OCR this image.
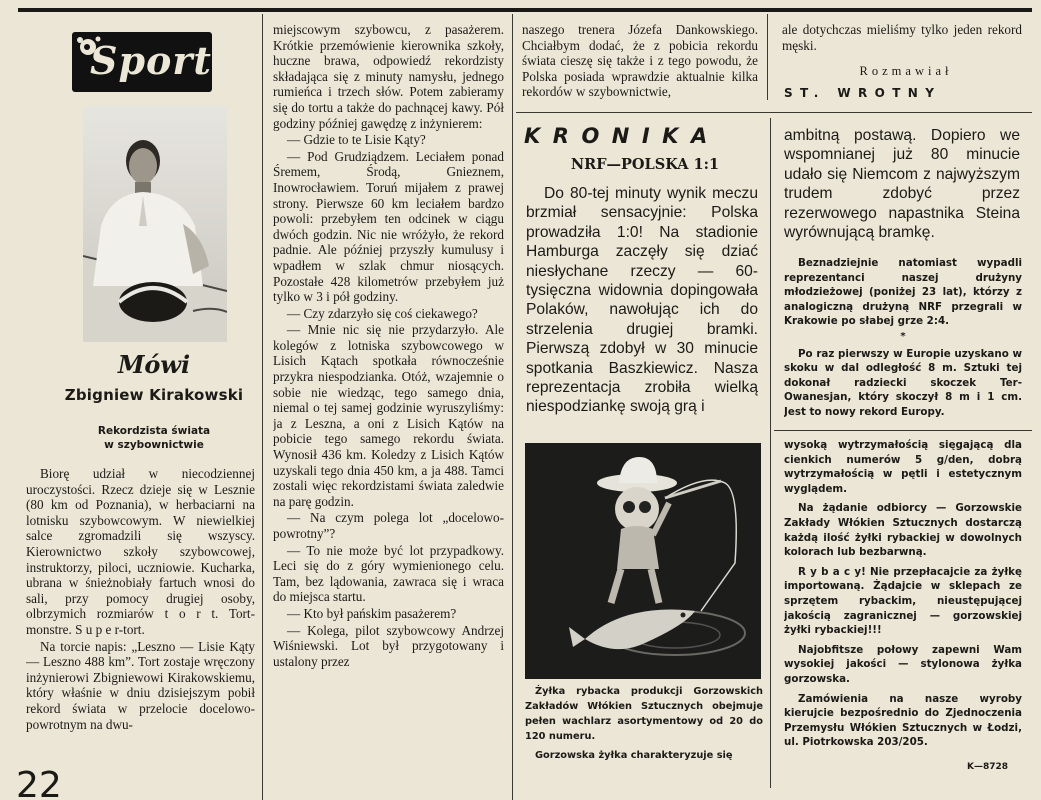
Sport
Mówi
Zbigniew Kirakowski
Rekordzista świata
w szybownictwie

Biorę udział w niecodziennej uroczystości. Rzecz dzieje się w Lesznie (80 km od Poznania), w herbaciarni na lotnisku szybowcowym. W niewielkiej salce zgromadzili się wszyscy. Kierownictwo szkoły szybowcowej, instruktorzy, piloci, uczniowie. Kucharka, ubrana w śnieżnobiały fartuch wnosi do sali, przy pomocy drugiej osoby, olbrzymich rozmiarów t o r t. Tort-monstre. S u p e r-tort.

Na torcie napis: „Leszno — Lisie Kąty — Leszno 488 km”. Tort zostaje wręczony inżynierowi Zbigniewowi Kirakowskiemu, który właśnie w dniu dzisiejszym pobił rekord świata w przelocie docelowo-powrotnym na dwu-

miejscowym szybowcu, z pasażerem. Krótkie przemówienie kierownika szkoły, huczne brawa, odpowiedź rekordzisty składająca się z minuty namysłu, jednego rumieńca i trzech słów. Potem zabieramy się do tortu a także do pachnącej kawy. Pół godziny później gawędzę z inżynierem:

— Gdzie to te Lisie Kąty?

— Pod Grudziądzem. Leciałem ponad Śremem, Środą, Gnieznem, Inowrocławiem. Toruń mijałem z prawej strony. Pierwsze 60 km leciałem bardzo powoli: przebyłem ten odcinek w ciągu dwóch godzin. Nic nie wróżyło, że rekord padnie. Ale później przyszły kumulusy i wpadłem w szlak chmur niosących. Pozostałe 428 kilometrów przebyłem już tylko w 3 i pół godziny.

— Czy zdarzyło się coś ciekawego?

— Mnie nic się nie przydarzyło. Ale kolegów z lotniska szybowcowego w Lisich Kątach spotkała równocześnie przykra niespodzianka. Otóż, wzajemnie o sobie nie wiedząc, tego samego dnia, niemal o tej samej godzinie wyruszyliśmy: ja z Leszna, a oni z Lisich Kątów na pobicie tego samego rekordu świata. Wynosił 436 km. Koledzy z Lisich Kątów uzyskali tego dnia 450 km, a ja 488. Tamci zostali więc rekordzistami świata zaledwie na parę godzin.

— Na czym polega lot „docelowo-powrotny”?

— To nie może być lot przypadkowy. Leci się do z góry wymienionego celu. Tam, bez lądowania, zawraca się i wraca do miejsca startu.

— Kto był pańskim pasażerem?

— Kolega, pilot szybowcowy Andrzej Wiśniewski. Lot był przygotowany i ustalony przez

naszego trenera Józefa Dankowskiego. Chciałbym dodać, że z pobicia rekordu świata cieszę się także i z tego powodu, że Polska posiada wprawdzie aktualnie kilka rekordów w szybownictwie,

ale dotychczas mieliśmy tylko jeden rekord męski.

Rozmawiał
ST. WROTNY
KRONIKA
NRF—POLSKA 1:1

Do 80-tej minuty wynik meczu brzmiał sensacyjnie: Polska prowadziła 1:0! Na stadionie Hamburga zaczęły się dziać niesłychane rzeczy — 60-tysięczna widownia dopingowała Polaków, nawołując ich do strzelenia drugiej bramki. Pierwszą zdobył w 30 minucie spotkania Baszkiewicz. Nasza reprezentacja zrobiła wielką niespodziankę swoją grą i

ambitną postawą. Dopiero we wspomnianej już 80 minucie udało się Niemcom z najwyższym trudem zdobyć przez rezerwowego napastnika Steina wyrównującą bramkę.

Beznadziejnie natomiast wypadli reprezentanci naszej drużyny młodzieżowej (poniżej 23 lat), którzy z analogiczną drużyną NRF przegrali w Krakowie po słabej grze 2:4.

*

Po raz pierwszy w Europie uzyskano w skoku w dal odległość 8 m. Sztuki tej dokonał radziecki skoczek Ter-Owanesjan, który skoczył 8 m i 1 cm. Jest to nowy rekord Europy.

Żyłka rybacka produkcji Gorzowskich Zakładów Włókien Sztucznych obejmuje pełen wachlarz asortymentowy od 20 do 120 numeru.
Gorzowska żyłka charakteryzuje się

wysoką wytrzymałością sięgającą dla cienkich numerów 5 g/den, dobrą wytrzymałością w pętli i estetycznym wyglądem.

Na żądanie odbiorcy — Gorzowskie Zakłady Włókien Sztucznych dostarczą każdą ilość żyłki rybackiej w dowolnych kolorach lub bezbarwną.

R y b a c y! Nie przepłacajcie za żyłkę importowaną. Żądajcie w sklepach ze sprzętem rybackim, nieustępującej jakością zagranicznej — gorzowskiej żyłki rybackiej!!!

Najobfitsze połowy zapewni Wam wysokiej jakości — stylonowa żyłka gorzowska.

Zamówienia na nasze wyroby kierujcie bezpośrednio do Zjednoczenia Przemysłu Włókien Sztucznych w Łodzi, ul. Piotrkowska 203/205.

22	K—8728
